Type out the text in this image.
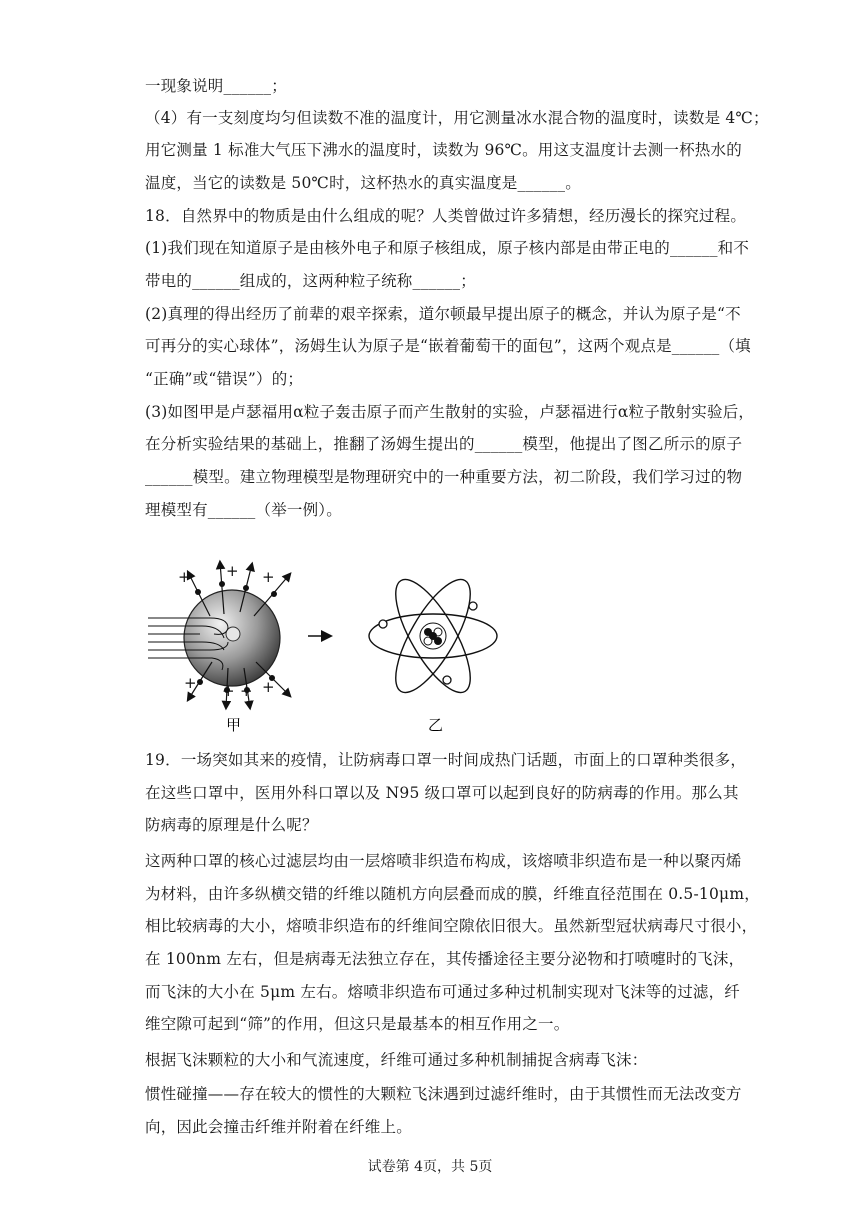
一现象说明______；
（4）有一支刻度均匀但读数不准的温度计，用它测量冰水混合物的温度时，读数是 4℃；
用它测量 1 标准大气压下沸水的温度时，读数为 96℃。用这支温度计去测一杯热水的
温度，当它的读数是 50℃时，这杯热水的真实温度是______。
18．自然界中的物质是由什么组成的呢？人类曾做过许多猜想，经历漫长的探究过程。
(1)我们现在知道原子是由核外电子和原子核组成，原子核内部是由带正电的______和不
带电的______组成的，这两种粒子统称______；
(2)真理的得出经历了前辈的艰辛探索，道尔顿最早提出原子的概念，并认为原子是“不
可再分的实心球体”，汤姆生认为原子是“嵌着葡萄干的面包”，这两个观点是______（填
“正确”或“错误”）的；
(3)如图甲是卢瑟福用α粒子轰击原子而产生散射的实验，卢瑟福进行α粒子散射实验后，
在分析实验结果的基础上，推翻了汤姆生提出的______模型，他提出了图乙所示的原子
______模型。建立物理模型是物理研究中的一种重要方法，初二阶段，我们学习过的物
理模型有______（举一例）。
+ + +
+ + + +
甲	乙
19．一场突如其来的疫情，让防病毒口罩一时间成热门话题，市面上的口罩种类很多，
在这些口罩中，医用外科口罩以及 N95 级口罩可以起到良好的防病毒的作用。那么其
防病毒的原理是什么呢？
这两种口罩的核心过滤层均由一层熔喷非织造布构成，该熔喷非织造布是一种以聚丙烯
为材料，由许多纵横交错的纤维以随机方向层叠而成的膜，纤维直径范围在 0.5-10μm，
相比较病毒的大小，熔喷非织造布的纤维间空隙依旧很大。虽然新型冠状病毒尺寸很小，
在 100nm 左右，但是病毒无法独立存在，其传播途径主要分泌物和打喷嚏时的飞沫，
而飞沫的大小在 5μm 左右。熔喷非织造布可通过多种过机制实现对飞沫等的过滤，纤
维空隙可起到“筛”的作用，但这只是最基本的相互作用之一。
根据飞沫颗粒的大小和气流速度，纤维可通过多种机制捕捉含病毒飞沫：
惯性碰撞——存在较大的惯性的大颗粒飞沫遇到过滤纤维时，由于其惯性而无法改变方
向，因此会撞击纤维并附着在纤维上。
试卷第 4页，共 5页
